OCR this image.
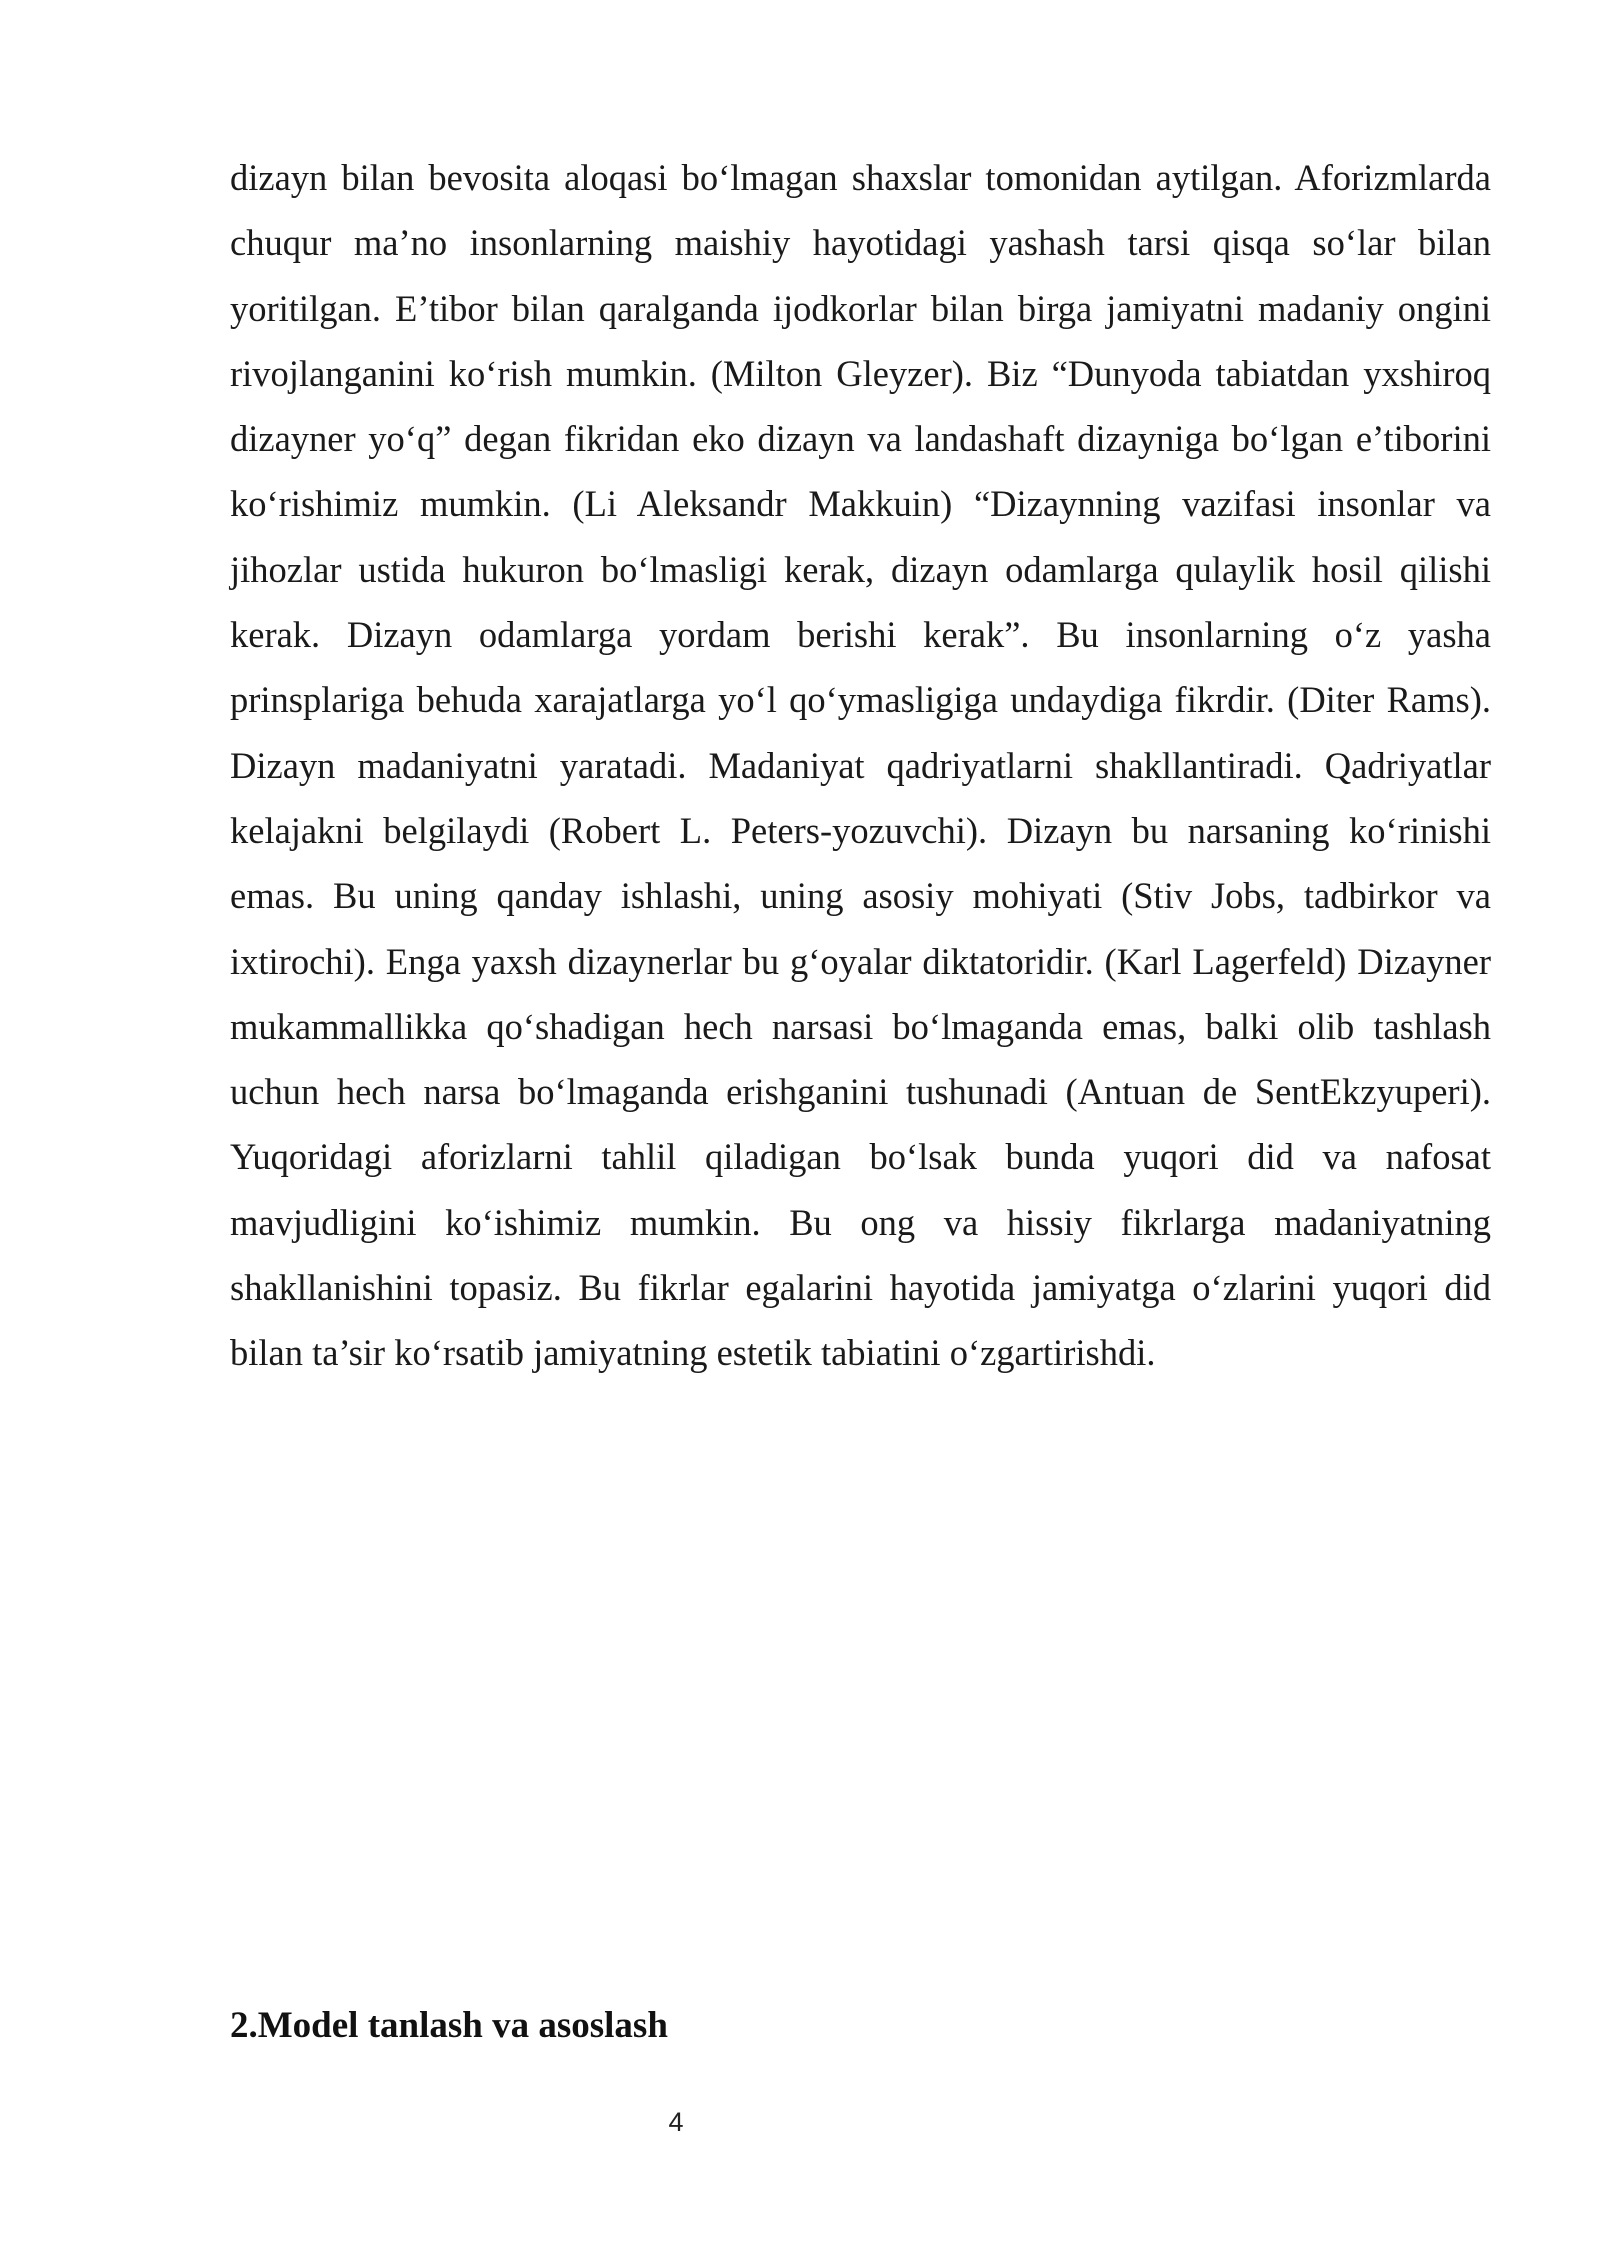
dizayn bilan bevosita aloqasi bo‘lmagan shaxslar tomonidan aytilgan. Aforizmlarda chuqur ma’no insonlarning maishiy hayotidagi yashash tarsi qisqa so‘lar bilan yoritilgan. E’tibor bilan qaralganda ijodkorlar bilan birga jamiyatni madaniy ongini rivojlanganini ko‘rish mumkin. (Milton Gleyzer). Biz “Dunyoda tabiatdan yxshiroq dizayner yo‘q” degan fikridan eko dizayn va landashaft dizayniga bo‘lgan e’tiborini ko‘rishimiz mumkin. (Li Aleksandr Makkuin) “Dizaynning vazifasi insonlar va jihozlar ustida hukuron bo‘lmasligi kerak, dizayn odamlarga qulaylik hosil qilishi kerak. Dizayn odamlarga yordam berishi kerak”. Bu insonlarning o‘z yasha prinsplariga behuda xarajatlarga yo‘l qo‘ymasligiga undaydiga fikrdir. (Diter Rams). Dizayn madaniyatni yaratadi. Madaniyat qadriyatlarni shakllantiradi. Qadriyatlar kelajakni belgilaydi (Robert L. Peters-yozuvchi). Dizayn bu narsaning ko‘rinishi emas. Bu uning qanday ishlashi, uning asosiy mohiyati (Stiv Jobs, tadbirkor va ixtirochi). Enga yaxsh dizaynerlar bu g‘oyalar diktatoridir. (Karl Lagerfeld) Dizayner mukammallikka qo‘shadigan hech narsasi bo‘lmaganda emas, balki olib tashlash uchun hech narsa bo‘lmaganda erishganini tushunadi (Antuan de SentEkzyuperi). Yuqoridagi aforizlarni tahlil qiladigan bo‘lsak bunda yuqori did va nafosat mavjudligini ko‘ishimiz mumkin. Bu ong va hissiy fikrlarga madaniyatning shakllanishini topasiz. Bu fikrlar egalarini hayotida jamiyatga o‘zlarini yuqori did bilan ta’sir ko‘rsatib jamiyatning estetik tabiatini o‘zgartirishdi.

2.Model tanlash va asoslash
4
